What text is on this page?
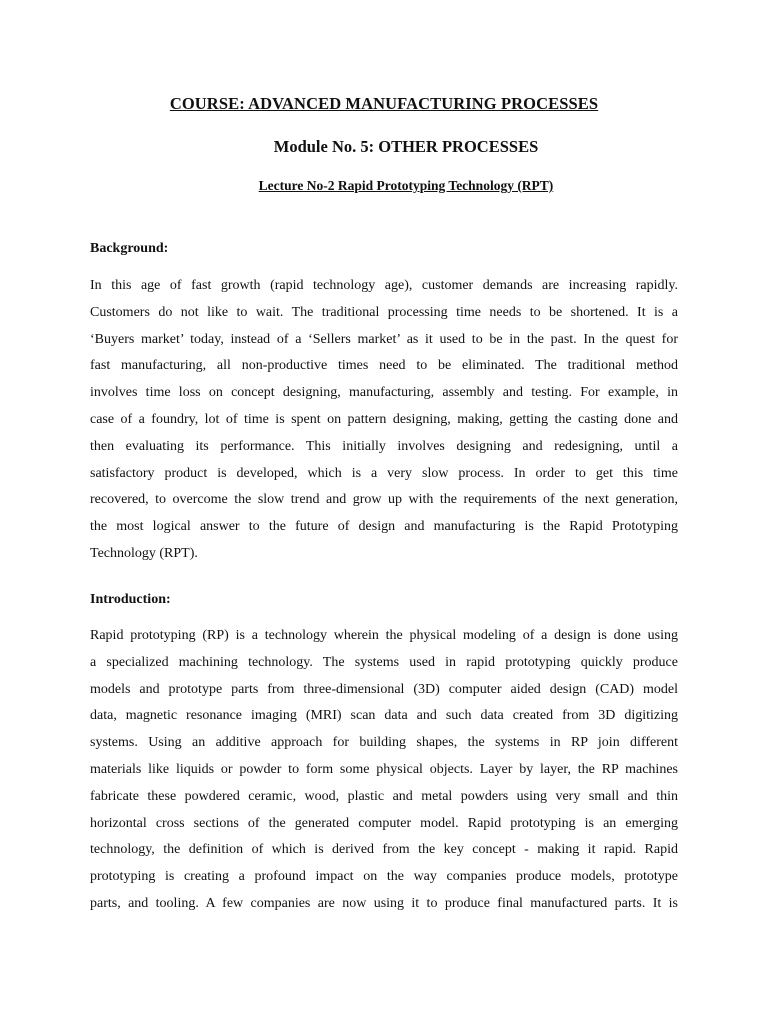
COURSE: ADVANCED MANUFACTURING PROCESSES
Module No. 5: OTHER PROCESSES
Lecture No-2 Rapid Prototyping Technology (RPT)
Background:
In this age of fast growth (rapid technology age), customer demands are increasing rapidly.
Customers do not like to wait. The traditional processing time needs to be shortened. It is a
‘Buyers market’ today, instead of a ‘Sellers market’ as it used to be in the past. In the quest for
fast manufacturing, all non-productive times need to be eliminated. The traditional method
involves time loss on concept designing, manufacturing, assembly and testing. For example, in
case of a foundry, lot of time is spent on pattern designing, making, getting the casting done and
then evaluating its performance. This initially involves designing and redesigning, until a
satisfactory product is developed, which is a very slow process. In order to get this time
recovered, to overcome the slow trend and grow up with the requirements of the next generation,
the most logical answer to the future of design and manufacturing is the Rapid Prototyping
Technology (RPT).
Introduction:
Rapid prototyping (RP) is a technology wherein the physical modeling of a design is done using
a specialized machining technology. The systems used in rapid prototyping quickly produce
models and prototype parts from three-dimensional (3D) computer aided design (CAD) model
data, magnetic resonance imaging (MRI) scan data and such data created from 3D digitizing
systems. Using an additive approach for building shapes, the systems in RP join different
materials like liquids or powder to form some physical objects. Layer by layer, the RP machines
fabricate these powdered ceramic, wood, plastic and metal powders using very small and thin
horizontal cross sections of the generated computer model. Rapid prototyping is an emerging
technology, the definition of which is derived from the key concept - making it rapid. Rapid
prototyping is creating a profound impact on the way companies produce models, prototype
parts, and tooling. A few companies are now using it to produce final manufactured parts. It is
